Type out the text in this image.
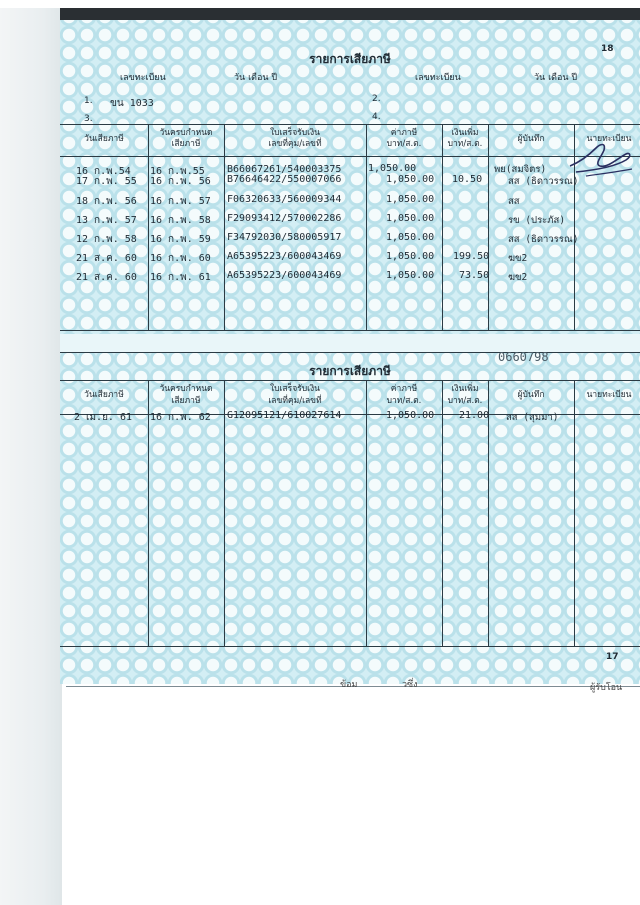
รายการเสียภาษี
18
เลขทะเบียน	วัน เดือน ปี	เลขทะเบียน	วัน เดือน ปี
1. ขน 1033	2.
3.	4.
วันเสียภาษี
วันครบกำหนด
เสียภาษี
ใบเสร็จรับเงิน
เลขที่คุม/เลขที่
ค่าภาษี
บาท/ส.ต.
เงินเพิ่ม
บาท/ส.ต.	ผู้บันทึก	นายทะเบียน
16 ก.พ.54 16 ก.พ.55 B66067261/540003375	1,050.00	พย(สมจิตร)
17 ก.พ. 55 16 ก.พ. 56 B76646422/550007066	1,050.00 10.50	สส (ธิดาวรรณ)
18 ก.พ. 56 16 ก.พ. 57 F06320633/560009344	1,050.00	สส
13 ก.พ. 57 16 ก.พ. 58 F29093412/570002286	1,050.00	รข (ประภัส)
12 ก.พ. 58 16 ก.พ. 59 F34792030/580005917	1,050.00	สส (ธิดาวรรณ)
21 ส.ค. 60 16 ก.พ. 60 A65395223/600043469	1,050.00 199.50 ฆข2
21 ส.ค. 60 16 ก.พ. 61 A65395223/600043469	1,050.00 73.50 ฆข2
รายการเสียภาษี
0660798
วันเสียภาษี
วันครบกำหนด
เสียภาษี
ใบเสร็จรับเงิน
เลขที่คุม/เลขที่
ค่าภาษี
บาท/ส.ต.
เงินเพิ่ม
บาท/ส.ต.
ผู้บันทึก	นายทะเบียน
2 เม.ย. 61 16 ก.พ. 62 G12095121/610027614	1,050.00 21.00 สส (สุมมา)
17
ข้อม	วซึ่ง	ผู้รับโอน
